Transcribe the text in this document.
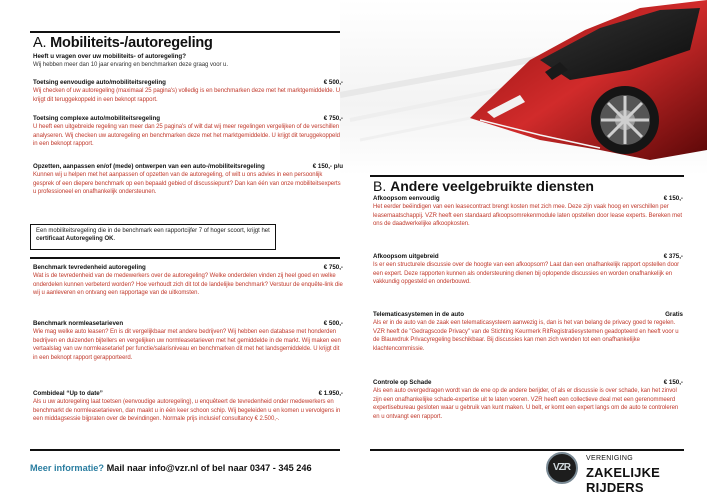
A. Mobiliteits-/autoregeling
Heeft u vragen over uw mobiliteits- of autoregeling?

Wij hebben meer dan 10 jaar ervaring en benchmarken deze graag voor u.

Toetsing eenvoudige auto/mobiliteitsregeling	€ 500,-

Wij checken of uw autoregeling (maximaal 25 pagina's) volledig is en benchmarken deze met het marktgemiddelde. U krijgt dit teruggekoppeld in een beknopt rapport.

Toetsing complexe auto/mobiliteitsregeling	€ 750,-

U heeft een uitgebreide regeling van meer dan 25 pagina's of wilt dat wij meer regelingen vergelijken of de verschillen analyseren. Wij checken uw autoregeling en benchmarken deze met het marktgemiddelde. U krijgt dit teruggekoppeld in een beknopt rapport.

Opzetten, aanpassen en/of (mede) ontwerpen van een auto-/mobiliteitsregeling	€ 150,- p/u

Kunnen wij u helpen met het aanpassen of opzetten van de autoregeling, of wilt u ons advies in een persoonlijk gesprek of een diepere benchmark op een bepaald gebied of discussiepunt? Dan kan één van onze mobiliteitsexperts u professioneel en onafhankelijk ondersteunen.

Een mobiliteitsregeling die in de benchmark een rapportcijfer 7 of hoger scoort, krijgt het certificaat Autoregeling OK.

Benchmark tevredenheid autoregeling	€ 750,-

Wat is de tevredenheid van de medewerkers over de autoregeling? Welke onderdelen vinden zij heel goed en welke onderdelen kunnen verbeterd worden? Hoe verhoudt zich dit tot de landelijke benchmark? Verstuur de enquête-link die wij u aanleveren en ontvang een rapportage van de uitkomsten.

Benchmark normleasetarieven	€ 500,-

Wie mag welke auto leasen? En is dit vergelijkbaar met andere bedrijven? Wij hebben een database met honderden bedrijven en duizenden bijtellers en vergelijken uw normleasetarieven met het gemiddelde in de markt. Wij maken een vertaalslag van uw normleasetarief per functie/salarisniveau en benchmarken dit met het landsgemiddelde. U krijgt dit in een beknopt rapport gerapporteerd.

Combideal “Up to date”	€ 1.950,-

Als u uw autoregeling laat toetsen (eenvoudige autoregeling), u enquêteert de tevredenheid onder medewerkers en benchmarkt de normleasetarieven, dan maakt u in één keer schoon schip. Wij begeleiden u en komen u vervolgens in een middagsessie bijpraten over de bevindingen. Normale prijs inclusief consultancy € 2.500,-.

Meer informatie? Mail naar info@vzr.nl of bel naar 0347 - 345 246
B. Andere veelgebruikte diensten
Afkoopsom eenvoudig	€ 150,-

Het eerder beëindigen van een leasecontract brengt kosten met zich mee. Deze zijn vaak hoog en verschillen per leasemaatschappij. VZR heeft een standaard afkoopsomrekenmodule laten opstellen door lease experts. Bereken met ons de daadwerkelijke afkoopkosten.

Afkoopsom uitgebreid	€ 375,-

Is er een structurele discussie over de hoogte van een afkoopsom? Laat dan een onafhankelijk rapport opstellen door een expert. Deze rapporten kunnen als ondersteuning dienen bij oplopende discussies en worden onafhankelijk en vakkundig opgesteld en onderbouwd.

Telematicasystemen in de auto	Gratis

Als er in de auto van de zaak een telematicasysteem aanwezig is, dan is het van belang de privacy goed te regelen. VZR heeft de "Gedragscode Privacy" van de Stichting Keurmerk RitRegistratiesystemen geadopteerd en heeft voor u de Blauwdruk Privacyregeling beschikbaar. Bij discussies kan men zich wenden tot een onafhankelijke klachtencommissie.

Controle op Schade	€ 150,-

Als een auto overgedragen wordt van de ene op de andere berijder, of als er discussie is over schade, kan het zinvol zijn een onafhankelijke schade-expertise uit te laten voeren. VZR heeft een collectieve deal met een gerenommeerd expertisebureau gesloten waar u gebruik van kunt maken. U belt, er komt een expert langs om de auto te controleren en u ontvangt een rapport.

VZR
VERENIGING
ZAKELIJKE RIJDERS
